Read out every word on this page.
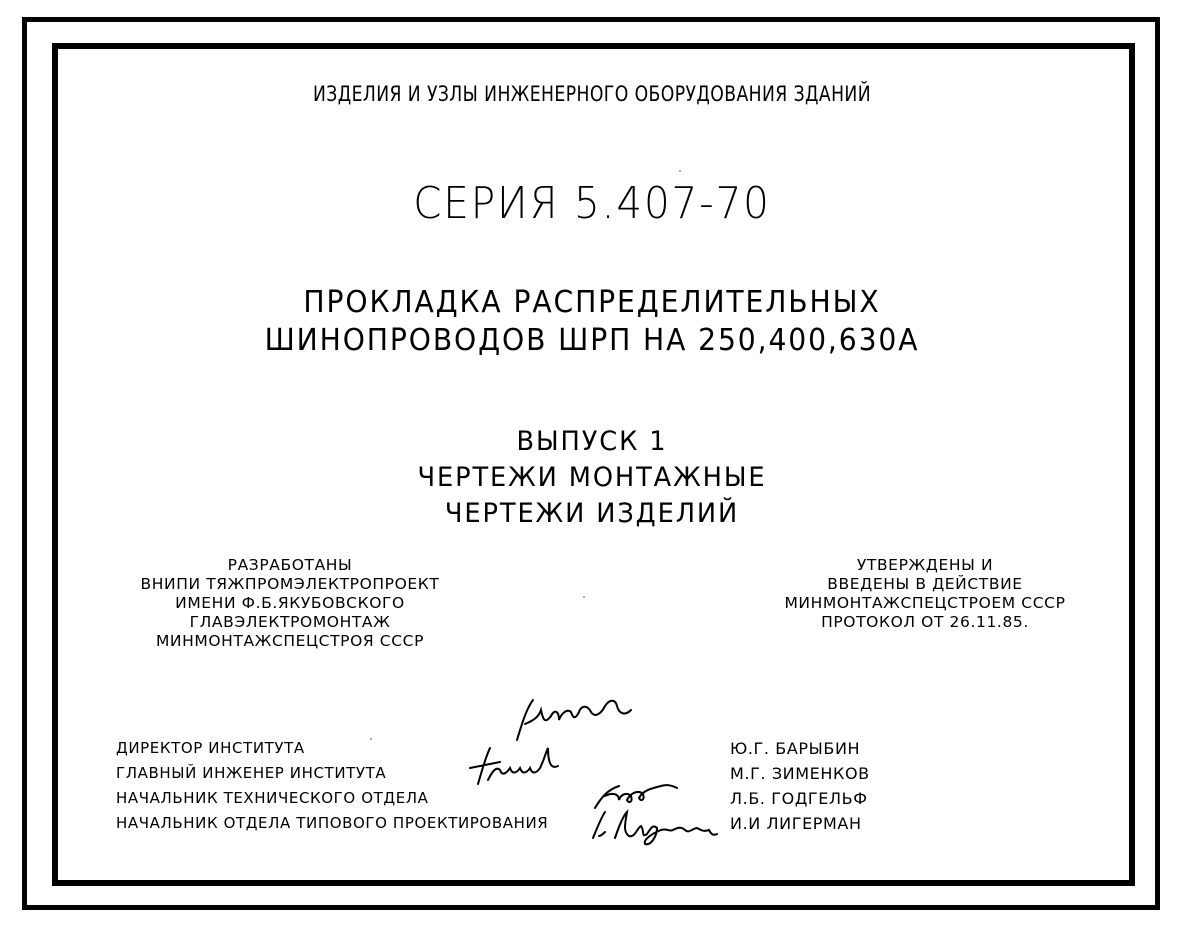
ИЗДЕЛИЯ И УЗЛЫ ИНЖЕНЕРНОГО ОБОРУДОВАНИЯ ЗДАНИЙ
СЕРИЯ 5.407-70
ПРОКЛАДКА РАСПРЕДЕЛИТЕЛЬНЫХ
ШИНОПРОВОДОВ ШРП НА 250,400,630А
ВЫПУСК 1
ЧЕРТЕЖИ МОНТАЖНЫЕ
ЧЕРТЕЖИ ИЗДЕЛИЙ
РАЗРАБОТАНЫ
ВНИПИ ТЯЖПРОМЭЛЕКТРОПРОЕКТ
ИМЕНИ Ф.Б.ЯКУБОВСКОГО
ГЛАВЭЛЕКТРОМОНТАЖ
МИНМОНТАЖСПЕЦСТРОЯ СССР
УТВЕРЖДЕНЫ И
ВВЕДЕНЫ В ДЕЙСТВИЕ
МИНМОНТАЖСПЕЦСТРОЕМ СССР
ПРОТОКОЛ ОТ 26.11.85.
ДИРЕКТОР ИНСТИТУТА
ГЛАВНЫЙ ИНЖЕНЕР ИНСТИТУТА
НАЧАЛЬНИК ТЕХНИЧЕСКОГО ОТДЕЛА
НАЧАЛЬНИК ОТДЕЛА ТИПОВОГО ПРОЕКТИРОВАНИЯ
Ю.Г. БАРЫБИН
М.Г. ЗИМЕНКОВ
Л.Б. ГОДГЕЛЬФ
И.И ЛИГЕРМАН
